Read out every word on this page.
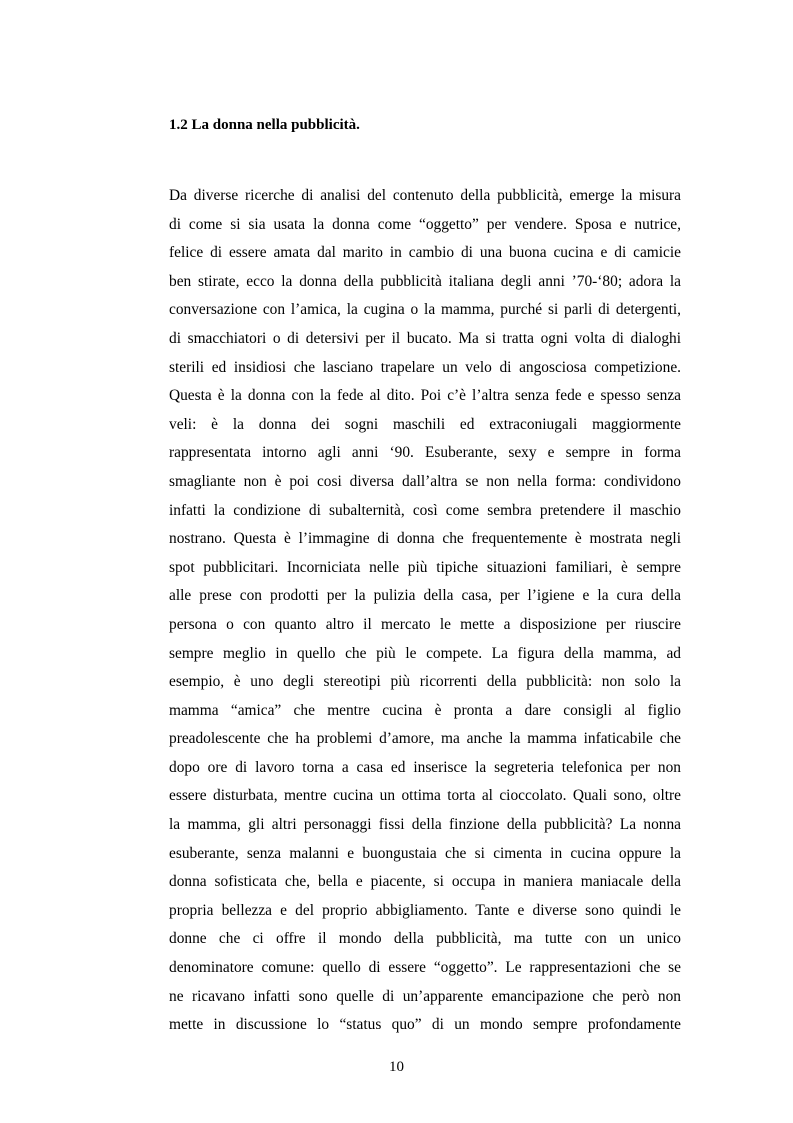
1.2 La donna nella pubblicità.
Da diverse ricerche di analisi del contenuto della pubblicità, emerge la misura
di come si sia usata la donna come “oggetto” per vendere. Sposa e nutrice,
felice di essere amata dal marito in cambio di una buona cucina e di camicie
ben stirate, ecco la donna della pubblicità italiana degli anni ’70-‘80; adora la
conversazione con l’amica, la cugina o la mamma, purché si parli di detergenti,
di smacchiatori o di detersivi per il bucato. Ma si tratta ogni volta di dialoghi
sterili ed insidiosi che lasciano trapelare un velo di angosciosa competizione.
Questa è la donna con la fede al dito. Poi c’è l’altra senza fede e spesso senza
veli: è la donna dei sogni maschili ed extraconiugali maggiormente
rappresentata intorno agli anni ‘90. Esuberante, sexy e sempre in forma
smagliante non è poi cosi diversa dall’altra se non nella forma: condividono
infatti la condizione di subalternità, così come sembra pretendere il maschio
nostrano. Questa è l’immagine di donna che frequentemente è mostrata negli
spot pubblicitari. Incorniciata nelle più tipiche situazioni familiari, è sempre
alle prese con prodotti per la pulizia della casa, per l’igiene e la cura della
persona o con quanto altro il mercato le mette a disposizione per riuscire
sempre meglio in quello che più le compete. La figura della mamma, ad
esempio, è uno degli stereotipi più ricorrenti della pubblicità: non solo la
mamma “amica” che mentre cucina è pronta a dare consigli al figlio
preadolescente che ha problemi d’amore, ma anche la mamma infaticabile che
dopo ore di lavoro torna a casa ed inserisce la segreteria telefonica per non
essere disturbata, mentre cucina un ottima torta al cioccolato. Quali sono, oltre
la mamma, gli altri personaggi fissi della finzione della pubblicità? La nonna
esuberante, senza malanni e buongustaia che si cimenta in cucina oppure la
donna sofisticata che, bella e piacente, si occupa in maniera maniacale della
propria bellezza e del proprio abbigliamento. Tante e diverse sono quindi le
donne che ci offre il mondo della pubblicità, ma tutte con un unico
denominatore comune: quello di essere “oggetto”. Le rappresentazioni che se
ne ricavano infatti sono quelle di un’apparente emancipazione che però non
mette in discussione lo “status quo” di un mondo sempre profondamente
10
